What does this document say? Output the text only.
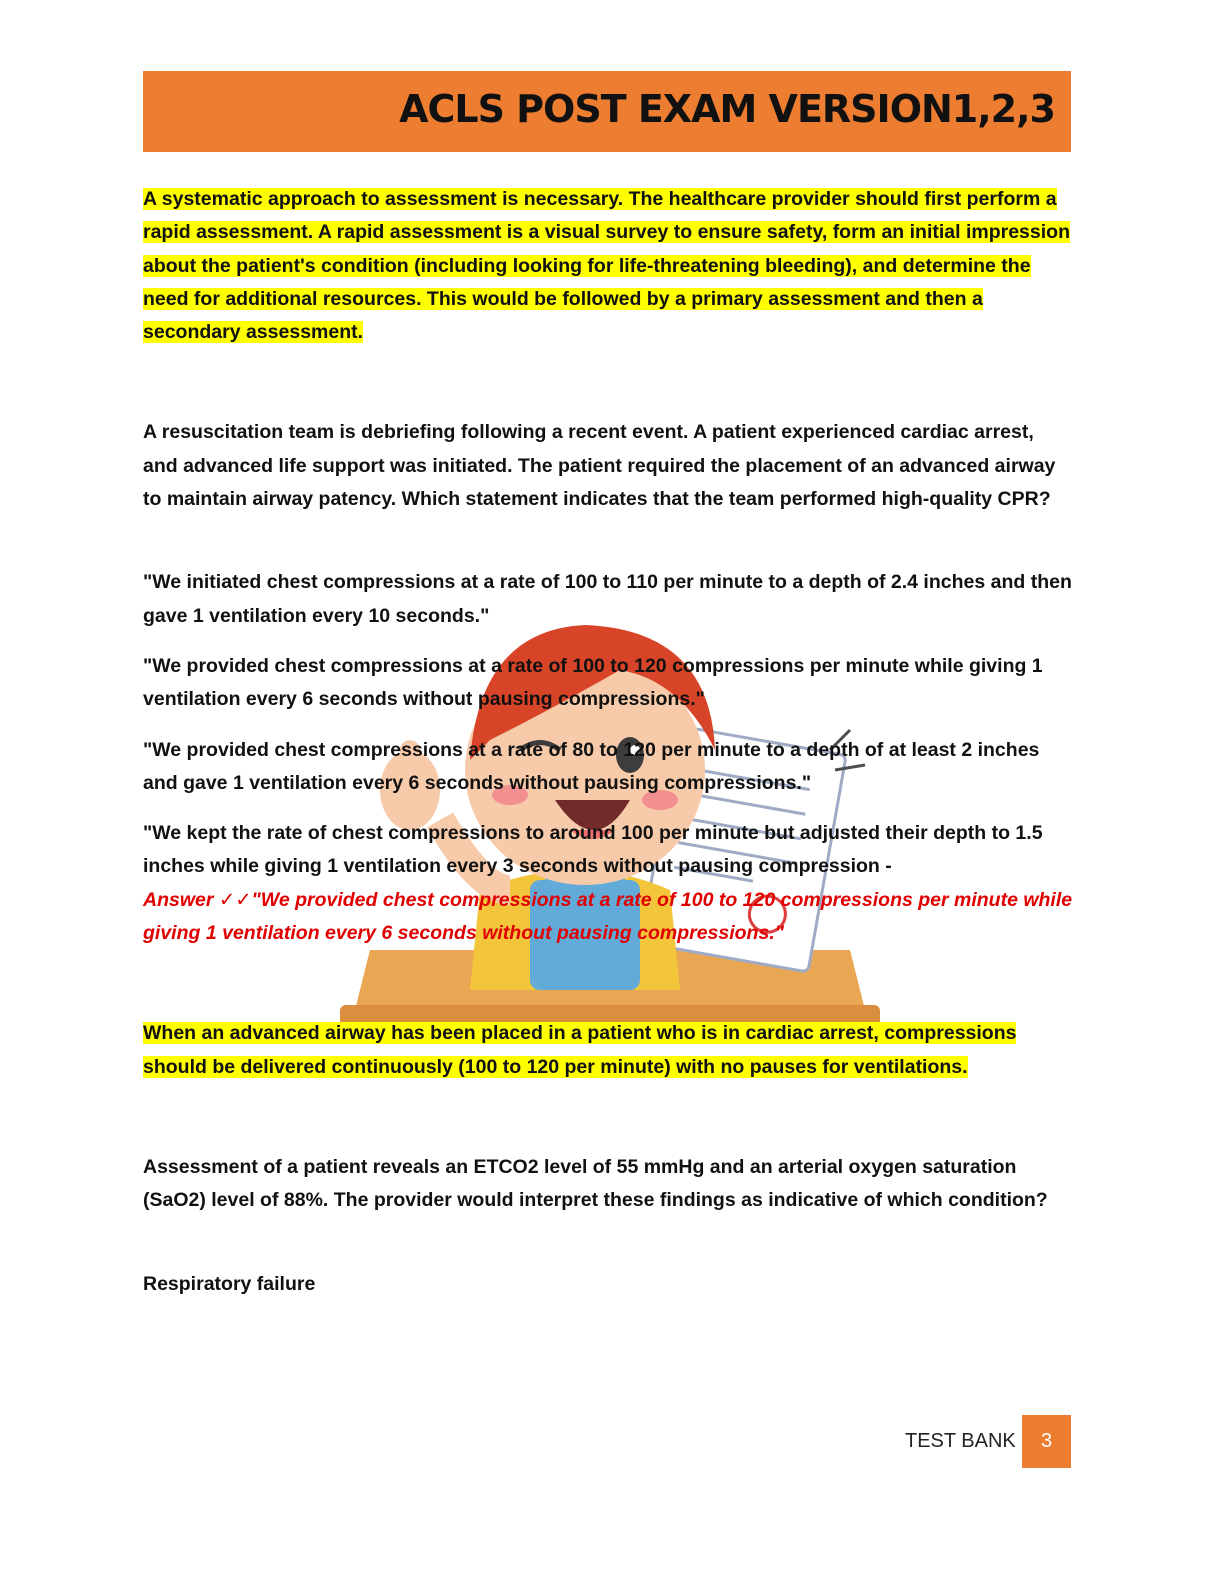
ACLS POST EXAM VERSION1,2,3

A systematic approach to assessment is necessary. The healthcare provider should first perform a rapid assessment. A rapid assessment is a visual survey to ensure safety, form an initial impression about the patient's condition (including looking for life-threatening bleeding), and determine the need for additional resources. This would be followed by a primary assessment and then a secondary assessment.

A resuscitation team is debriefing following a recent event. A patient experienced cardiac arrest, and advanced life support was initiated. The patient required the placement of an advanced airway to maintain airway patency. Which statement indicates that the team performed high-quality CPR?

"We initiated chest compressions at a rate of 100 to 110 per minute to a depth of 2.4 inches and then gave 1 ventilation every 10 seconds."

"We provided chest compressions at a rate of 100 to 120 compressions per minute while giving 1 ventilation every 6 seconds without pausing compressions."

"We provided chest compressions at a rate of 80 to 120 per minute to a depth of at least 2 inches and gave 1 ventilation every 6 seconds without pausing compressions."

"We kept the rate of chest compressions to around 100 per minute but adjusted their depth to 1.5 inches while giving 1 ventilation every 3 seconds without pausing compression -
Answer ✓✓"We provided chest compressions at a rate of 100 to 120 compressions per minute while giving 1 ventilation every 6 seconds without pausing compressions."

When an advanced airway has been placed in a patient who is in cardiac arrest, compressions should be delivered continuously (100 to 120 per minute) with no pauses for ventilations.

Assessment of a patient reveals an ETCO2 level of 55 mmHg and an arterial oxygen saturation (SaO2) level of 88%. The provider would interpret these findings as indicative of which condition?

Respiratory failure

TEST BANK	3
